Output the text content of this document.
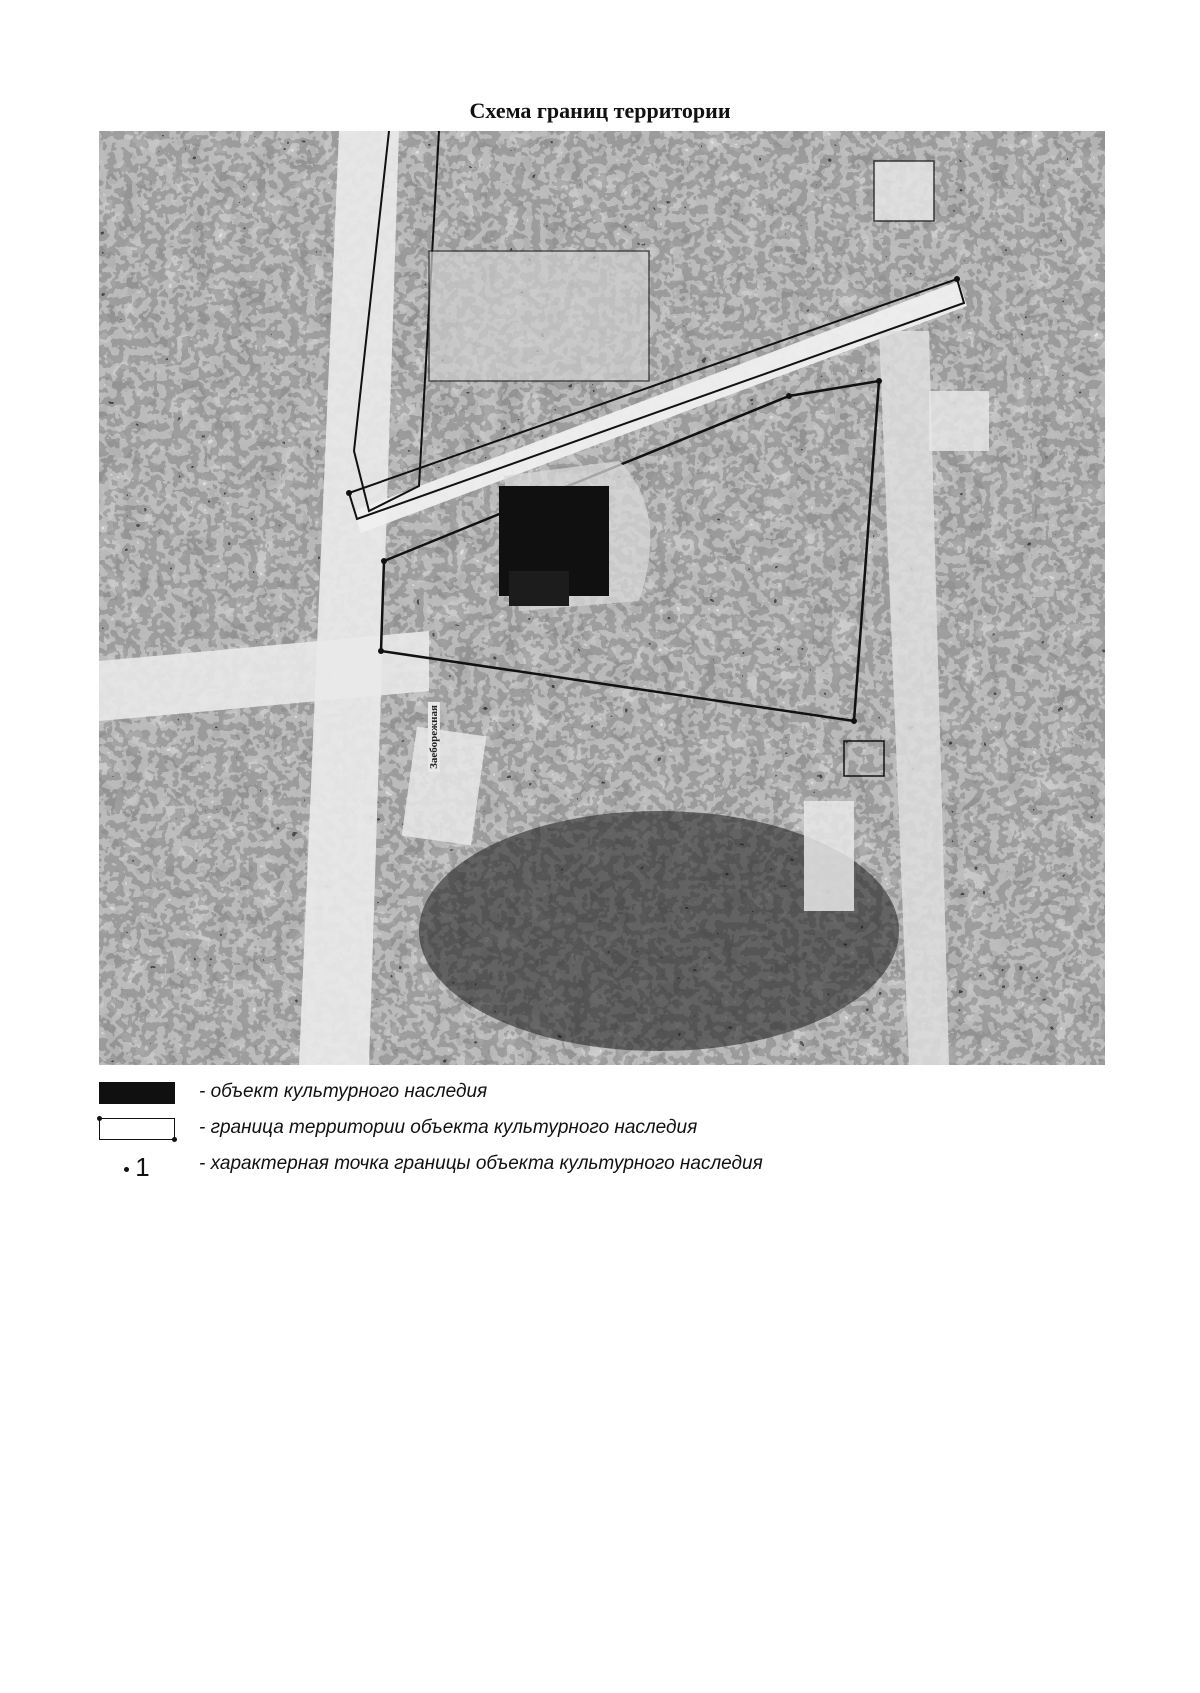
Схема границ территории
Заеборежная
- объект культурного наследия
- граница территории объекта культурного наследия
1	- характерная точка границы объекта культурного наследия
